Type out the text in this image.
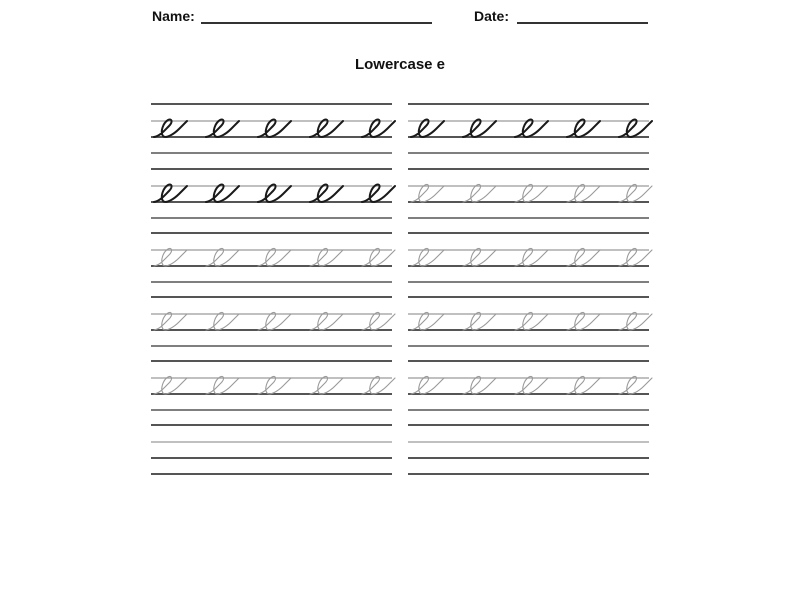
Name:	Date:
Lowercase e
